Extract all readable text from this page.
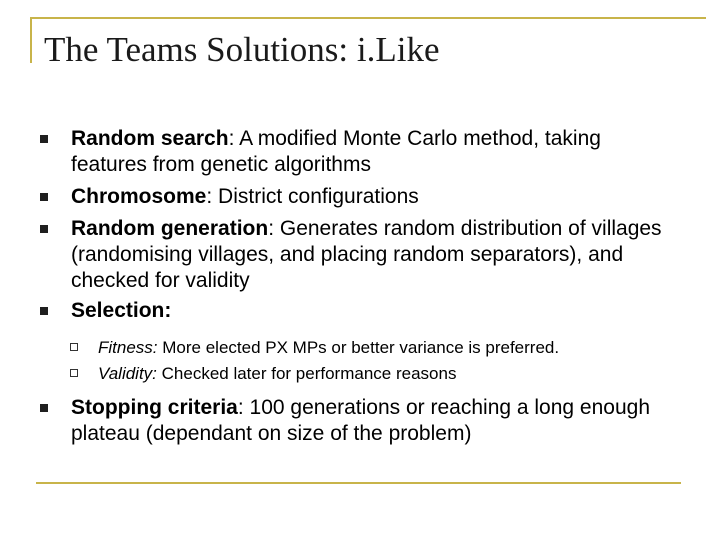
The Teams Solutions: i.Like
Random search: A modified Monte Carlo method, taking features from genetic algorithms
Chromosome: District configurations
Random generation: Generates random distribution of villages (randomising villages, and placing random separators), and checked for validity
Selection:
Fitness: More elected PX MPs or better variance is preferred.
Validity: Checked later for performance reasons
Stopping criteria: 100 generations or reaching a long enough plateau (dependant on size of the problem)
